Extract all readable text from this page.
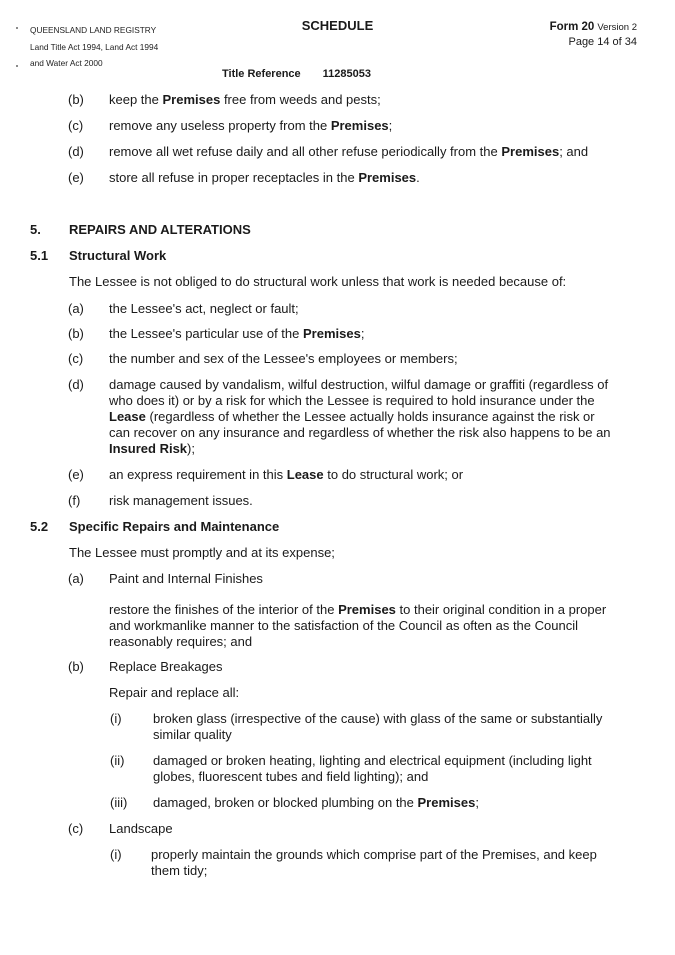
QUEENSLAND LAND REGISTRY
Land Title Act 1994, Land Act 1994
and Water Act 2000
SCHEDULE	Form 20 Version 2
Page 14 of 34
Title Reference 11285053
(b) keep the Premises free from weeds and pests;
(c) remove any useless property from the Premises;
(d) remove all wet refuse daily and all other refuse periodically from the Premises; and
(e) store all refuse in proper receptacles in the Premises.
5. REPAIRS AND ALTERATIONS
5.1 Structural Work
The Lessee is not obliged to do structural work unless that work is needed because of:
(a) the Lessee's act, neglect or fault;
(b) the Lessee's particular use of the Premises;
(c) the number and sex of the Lessee's employees or members;
(d) damage caused by vandalism, wilful destruction, wilful damage or graffiti (regardless of
who does it) or by a risk for which the Lessee is required to hold insurance under the
Lease (regardless of whether the Lessee actually holds insurance against the risk or
can recover on any insurance and regardless of whether the risk also happens to be an
Insured Risk);
(e) an express requirement in this Lease to do structural work; or
(f) risk management issues.
5.2 Specific Repairs and Maintenance
The Lessee must promptly and at its expense;
(a) Paint and Internal Finishes
restore the finishes of the interior of the Premises to their original condition in a proper
and workmanlike manner to the satisfaction of the Council as often as the Council
reasonably requires; and
(b) Replace Breakages
Repair and replace all:
(i) broken glass (irrespective of the cause) with glass of the same or substantially
similar quality
(ii) damaged or broken heating, lighting and electrical equipment (including light
globes, fluorescent tubes and field lighting); and
(iii) damaged, broken or blocked plumbing on the Premises;
(c) Landscape
(i) properly maintain the grounds which comprise part of the Premises, and keep
them tidy;
